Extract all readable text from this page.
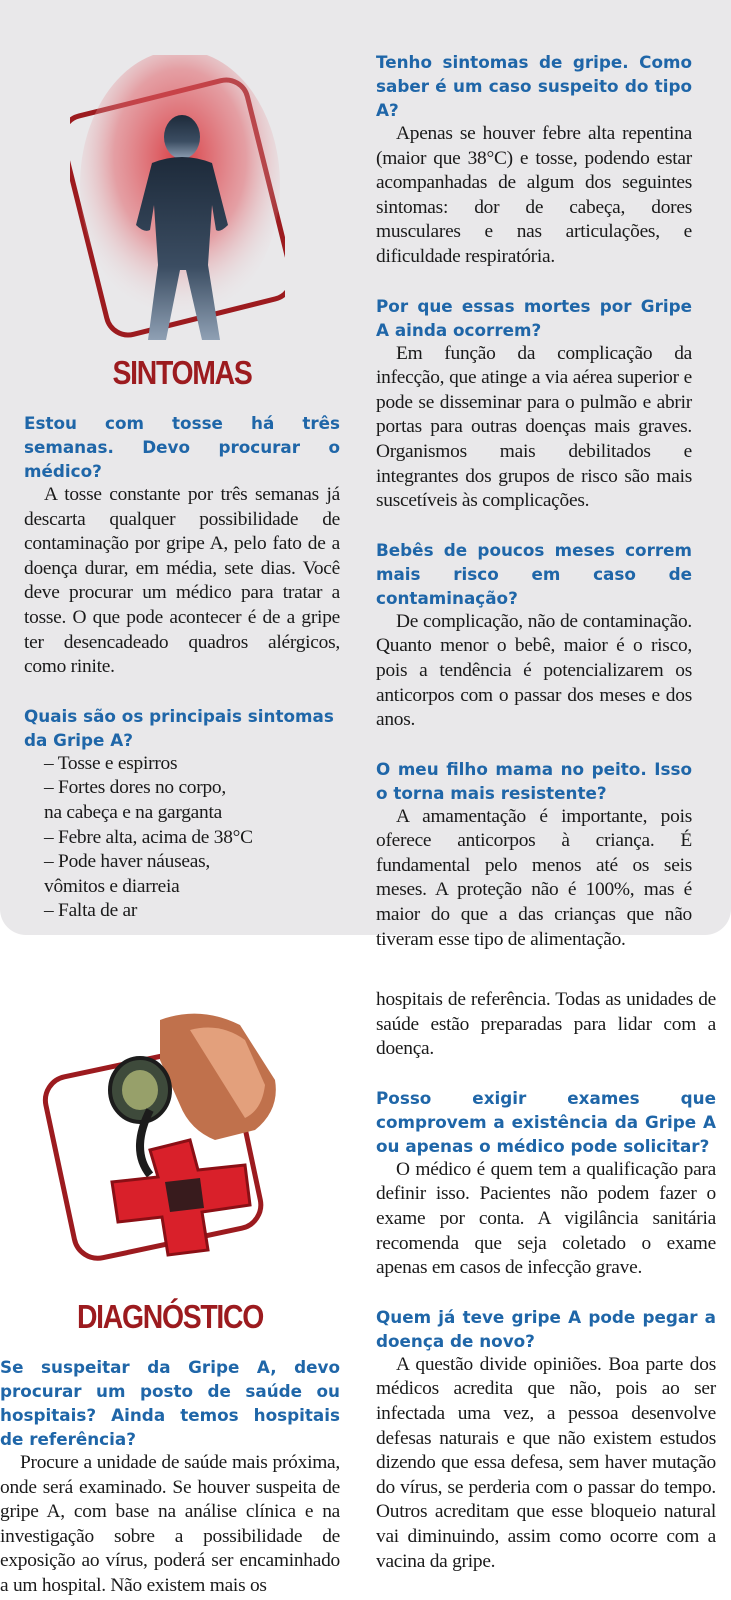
SINTOMAS

Estou com tosse há três semanas. Devo procurar o médico?

A tosse constante por três semanas já descarta qualquer possibilidade de contaminação por gripe A, pelo fato de a doença durar, em média, sete dias. Você deve procurar um médico para tratar a tosse. O que pode acontecer é de a gripe ter desencadeado quadros alérgicos, como rinite.

Quais são os principais sintomas da Gripe A?

– Tosse e espirros
– Fortes dores no corpo,
na cabeça e na garganta
– Febre alta, acima de 38°C
– Pode haver náuseas,
vômitos e diarreia
– Falta de ar

Tenho sintomas de gripe. Como saber é um caso suspeito do tipo A?

Apenas se houver febre alta repentina (maior que 38°C) e tosse, podendo estar acompanhadas de algum dos seguintes sintomas: dor de cabeça, dores musculares e nas articulações, e dificuldade respiratória.

Por que essas mortes por Gripe A ainda ocorrem?

Em função da complicação da infecção, que atinge a via aérea superior e pode se disseminar para o pulmão e abrir portas para outras doenças mais graves. Organismos mais debilitados e integrantes dos grupos de risco são mais suscetíveis às complicações.

Bebês de poucos meses correm mais risco em caso de contaminação?

De complicação, não de contaminação. Quanto menor o bebê, maior é o risco, pois a tendência é potencializarem os anticorpos com o passar dos meses e dos anos.

O meu filho mama no peito. Isso o torna mais resistente?

A amamentação é importante, pois oferece anticorpos à criança. É fundamental pelo menos até os seis meses. A proteção não é 100%, mas é maior do que a das crianças que não tiveram esse tipo de alimentação.

DIAGNÓSTICO

Se suspeitar da Gripe A, devo procurar um posto de saúde ou hospitais? Ainda temos hospitais de referência?

Procure a unidade de saúde mais próxima, onde será examinado. Se houver suspeita de gripe A, com base na análise clínica e na investigação sobre a possibilidade de exposição ao vírus, poderá ser encaminhado a um hospital. Não existem mais os

hospitais de referência. Todas as unidades de saúde estão preparadas para lidar com a doença.

Posso exigir exames que comprovem a existência da Gripe A ou apenas o médico pode solicitar?

O médico é quem tem a qualificação para definir isso. Pacientes não podem fazer o exame por conta. A vigilância sanitária recomenda que seja coletado o exame apenas em casos de infecção grave.

Quem já teve gripe A pode pegar a doença de novo?

A questão divide opiniões. Boa parte dos médicos acredita que não, pois ao ser infectada uma vez, a pessoa desenvolve defesas naturais e que não existem estudos dizendo que essa defesa, sem haver mutação do vírus, se perderia com o passar do tempo. Outros acreditam que esse bloqueio natural vai diminuindo, assim como ocorre com a vacina da gripe.
